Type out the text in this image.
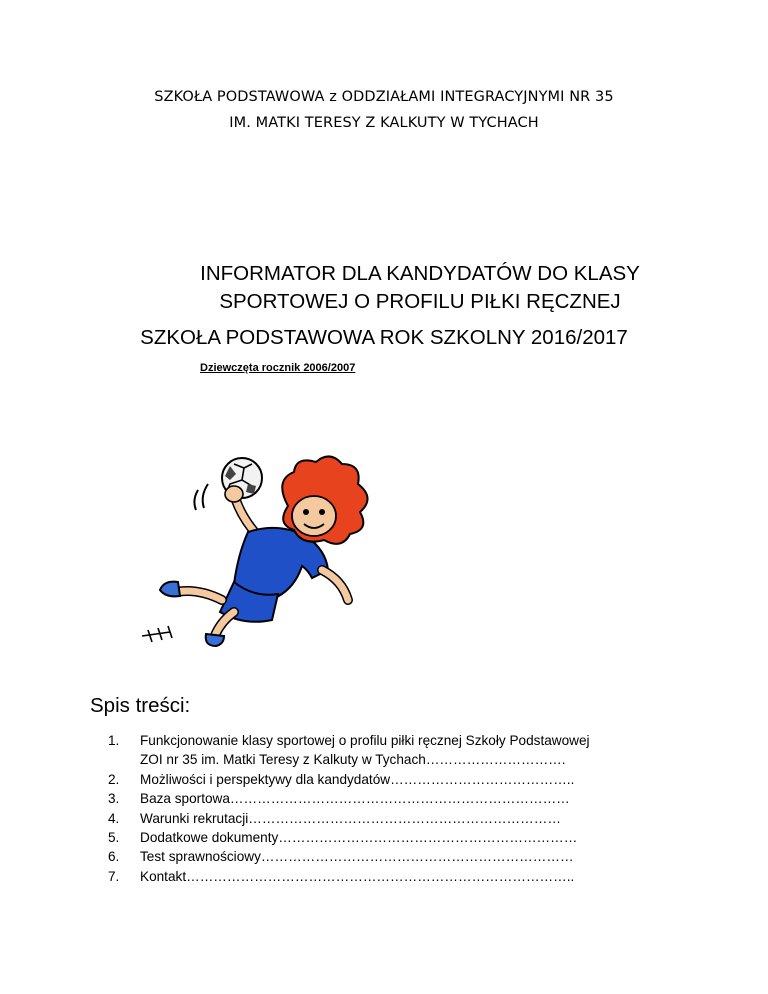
SZKOŁA PODSTAWOWA z ODDZIAŁAMI INTEGRACYJNYMI NR 35
IM. MATKI TERESY Z KALKUTY W TYCHACH
INFORMATOR DLA KANDYDATÓW DO KLASY
SPORTOWEJ O PROFILU PIŁKI RĘCZNEJ
SZKOŁA PODSTAWOWA ROK SZKOLNY 2016/2017
Dziewczęta rocznik 2006/2007
Spis treści:
1. Funkcjonowanie klasy sportowej o profilu piłki ręcznej Szkoły Podstawowej
ZOI nr 35 im. Matki Teresy z Kalkuty w Tychach………………………….
2. Możliwości i perspektywy dla kandydatów…………………………………..
3. Baza sportowa…………………………………………………………………
4. Warunki rekrutacji……………………………………………………………
5. Dodatkowe dokumenty…………………………………………………………
6. Test sprawnościowy……………………………………………………………
7. Kontakt…………………………………………………………………………..
